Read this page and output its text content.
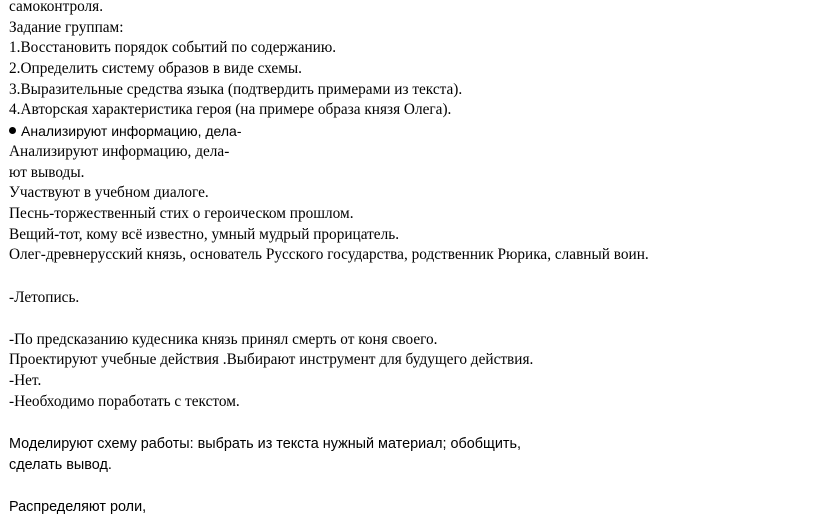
самоконтроля.
Задание группам:
1.Восстановить порядок событий по содержанию.
2.Определить систему образов в виде схемы.
3.Выразительные средства языка (подтвердить примерами из текста).
4.Авторская характеристика героя (на примере образа князя Олега).
Анализируют информацию, дела-
Анализируют информацию, дела-
ют выводы.
Участвуют в учебном диалоге.
Песнь-торжественный стих о героическом прошлом.
Вещий-тот, кому всё известно, умный мудрый прорицатель.
Олег-древнерусский князь, основатель Русского государства, родственник Рюрика, славный воин.
-Летопись.
-По предсказанию кудесника князь принял смерть от коня своего.
Проектируют учебные действия .Выбирают инструмент для будущего действия.
-Нет.
-Необходимо поработать с текстом.
Моделируют схему работы: выбрать из текста нужный материал; обобщить,
сделать вывод.
Распределяют роли,
